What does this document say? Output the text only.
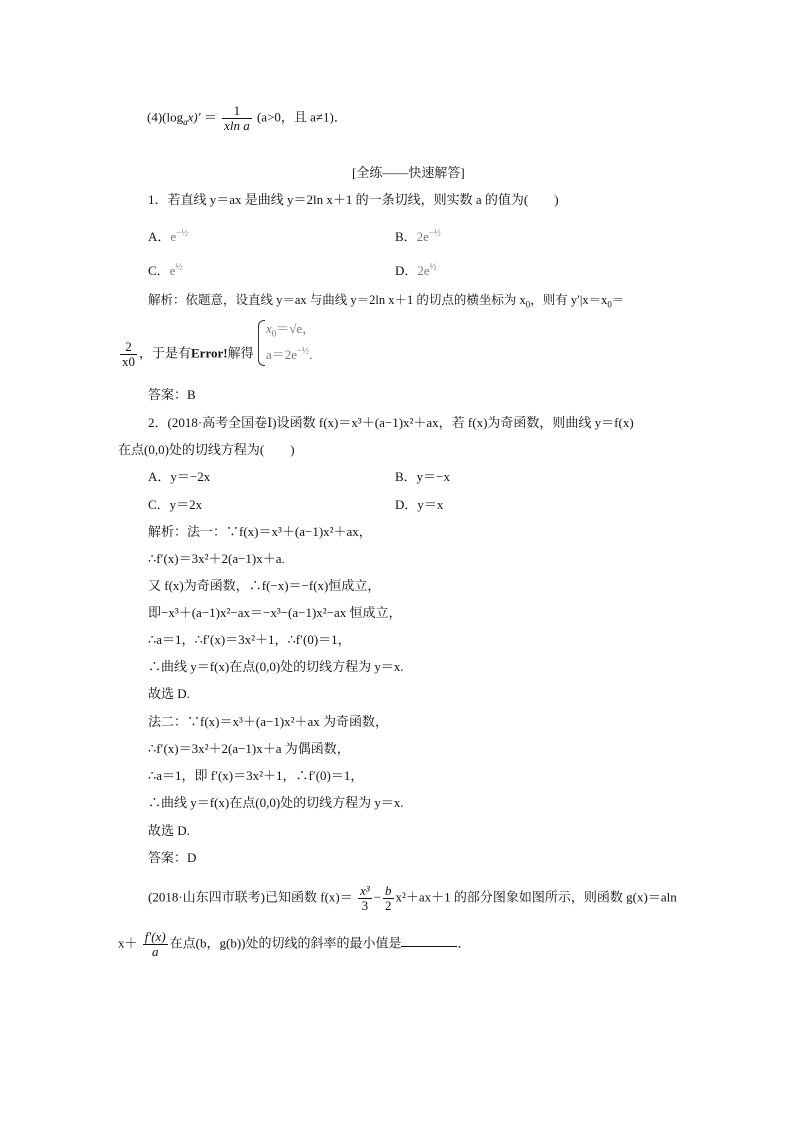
$(4)(\log_ax)' = \frac{1}{\text{xln a}} (a>0$，且 a≠1)．
[全练——快速解答]
1．若直线 y＝ax 是曲线 y＝2ln x＋1 的一条切线，则实数 a 的值为(　　)
A．$e^{-\frac{1}{2}}$	B．$2e^{-\frac{1}{2}}$
C．$e^{\frac{1}{2}}$	D．$2e^{\frac{1}{2}}$
解析：依题意，设直线 y＝ax 与曲线 y＝2ln x＋1 的切点的横坐标为 $x_0$，则有 $y'|x=x_0=$
$x_0=√e$，
$a=2e^{-\frac{1}{2}}$．
$\frac{2}{x0}$ ，于是有Error!解得
答案：B
2．(2018·高考全国卷Ⅰ)设函数 f(x)＝x³＋(a−1)x²＋ax，若 f(x)为奇函数，则曲线 y＝f(x)
在点(0,0)处的切线方程为(　　)
A．y＝−2x	B．y＝−x
C．y＝2x	D．y＝x
解析：法一：∵f(x)＝x³＋(a−1)x²＋ax，
∴f′(x)＝3x²＋2(a−1)x＋a.
又 f(x)为奇函数，∴f(−x)＝−f(x)恒成立，
即−x³＋(a−1)x²−ax＝−x³−(a−1)x²−ax 恒成立，
∴a＝1，∴f′(x)＝3x²＋1，∴f′(0)＝1，
∴曲线 y＝f(x)在点(0,0)处的切线方程为 y＝x.
故选 D.
法二：∵f(x)＝x³＋(a−1)x²＋ax 为奇函数，
∴f′(x)＝3x²＋2(a−1)x＋a 为偶函数，
∴a＝1，即 f′(x)＝3x²＋1，∴f′(0)＝1，
∴曲线 y＝f(x)在点(0,0)处的切线方程为 y＝x.
故选 D.
答案：D
(2018·山东四市联考)已知函数 $f(x)= \frac{\text{x³}}{3} - \frac{b}{2} x^2+ax+1$ 的部分图象如图所示，则函数 g(x)＝aln
$x+ \frac{f'(x)}{a}$ 在点(b，g(b))处的切线的斜率的最小值是	．
